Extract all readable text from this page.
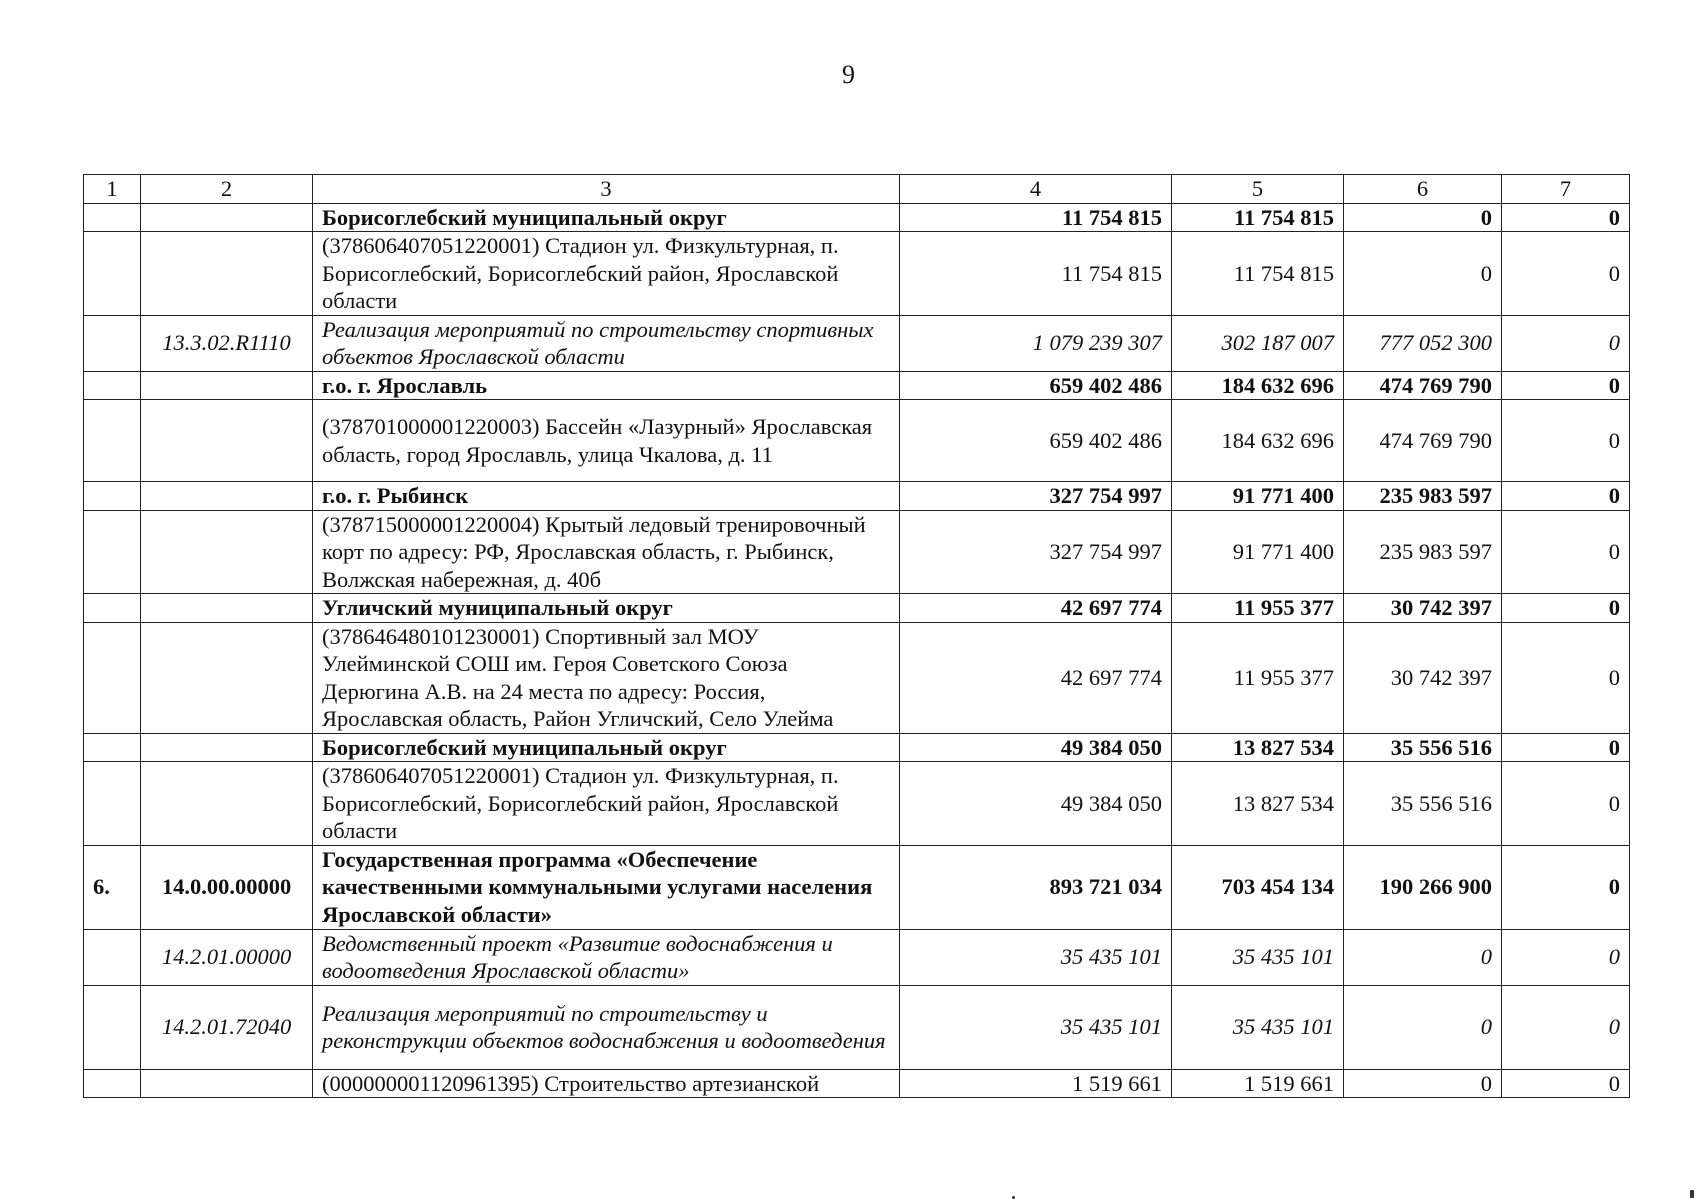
9
1	2	3	4	5	6	7
		Борисоглебский муниципальный округ	11 754 815	11 754 815	0	0
		(378606407051220001) Стадион ул. Физкультурная, п. Борисоглебский, Борисоглебский район, Ярославской области	11 754 815	11 754 815	0	0
	13.3.02.R1110	Реализация мероприятий по строительству спортивных объектов Ярославской области	1 079 239 307	302 187 007	777 052 300	0
		г.о. г. Ярославль	659 402 486	184 632 696	474 769 790	0
		(378701000001220003) Бассейн «Лазурный» Ярославская область, город Ярославль, улица Чкалова, д. 11	659 402 486	184 632 696	474 769 790	0
		г.о. г. Рыбинск	327 754 997	91 771 400	235 983 597	0
		(378715000001220004) Крытый ледовый тренировочный корт по адресу: РФ, Ярославская область, г. Рыбинск, Волжская набережная, д. 40б	327 754 997	91 771 400	235 983 597	0
		Угличский муниципальный округ	42 697 774	11 955 377	30 742 397	0
		(378646480101230001) Спортивный зал МОУ Улейминской СОШ им. Героя Советского Союза Дерюгина А.В. на 24 места по адресу: Россия, Ярославская область, Район Угличский, Село Улейма	42 697 774	11 955 377	30 742 397	0
		Борисоглебский муниципальный округ	49 384 050	13 827 534	35 556 516	0
		(378606407051220001) Стадион ул. Физкультурная, п. Борисоглебский, Борисоглебский район, Ярославской области	49 384 050	13 827 534	35 556 516	0
6.	14.0.00.00000	Государственная программа «Обеспечение качественными коммунальными услугами населения Ярославской области»	893 721 034	703 454 134	190 266 900	0
	14.2.01.00000	Ведомственный проект «Развитие водоснабжения и водоотведения Ярославской области»	35 435 101	35 435 101	0	0
	14.2.01.72040	Реализация мероприятий по строительству и реконструкции объектов водоснабжения и водоотведения	35 435 101	35 435 101	0	0
		(000000001120961395) Строительство артезианской	1 519 661	1 519 661	0	0
